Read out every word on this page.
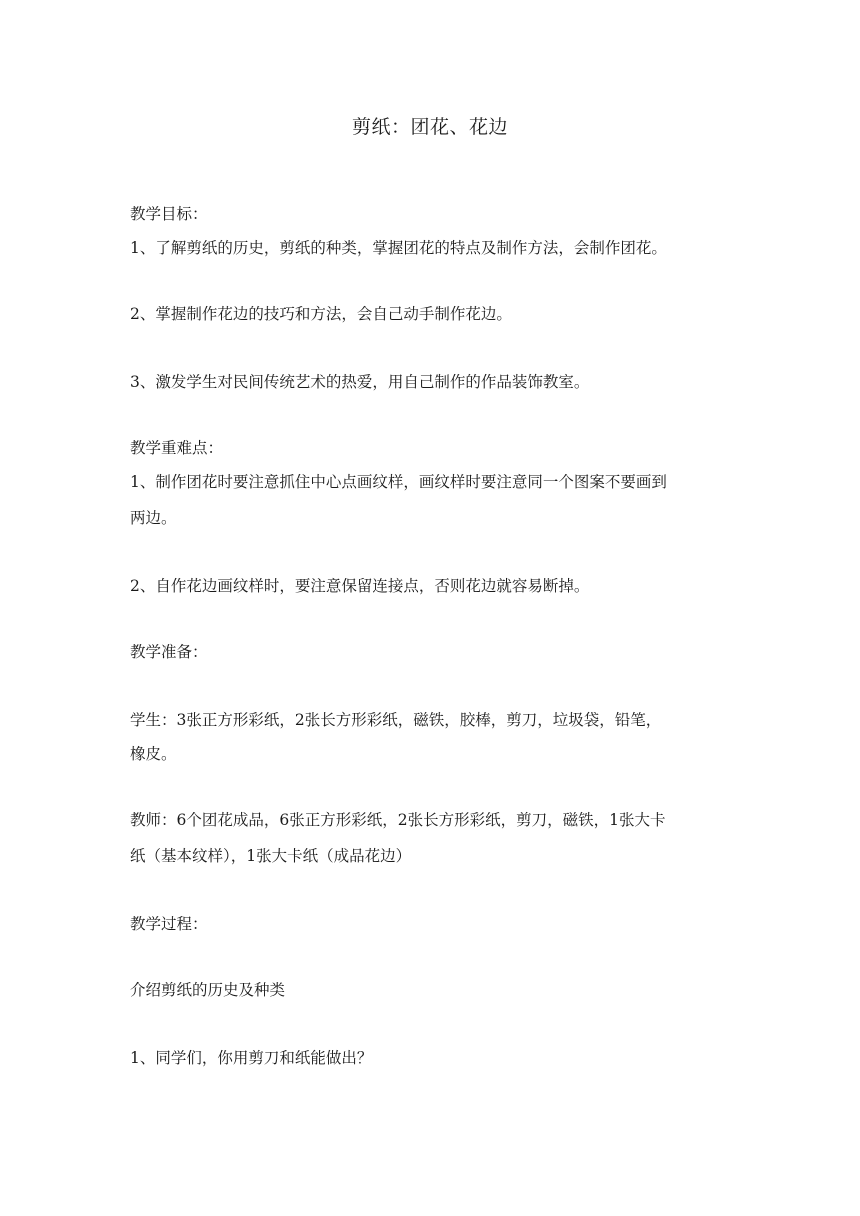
剪纸：团花、花边
教学目标：
1、了解剪纸的历史，剪纸的种类，掌握团花的特点及制作方法，会制作团花。
2、掌握制作花边的技巧和方法，会自己动手制作花边。
3、激发学生对民间传统艺术的热爱，用自己制作的作品装饰教室。
教学重难点：
1、制作团花时要注意抓住中心点画纹样，画纹样时要注意同一个图案不要画到
两边。
2、自作花边画纹样时，要注意保留连接点，否则花边就容易断掉。
教学准备：
学生：3张正方形彩纸，2张长方形彩纸，磁铁，胶棒，剪刀，垃圾袋，铅笔，
橡皮。
教师：6个团花成品，6张正方形彩纸，2张长方形彩纸，剪刀，磁铁，1张大卡
纸（基本纹样），1张大卡纸（成品花边）
教学过程：
介绍剪纸的历史及种类
1、同学们，你用剪刀和纸能做出？
